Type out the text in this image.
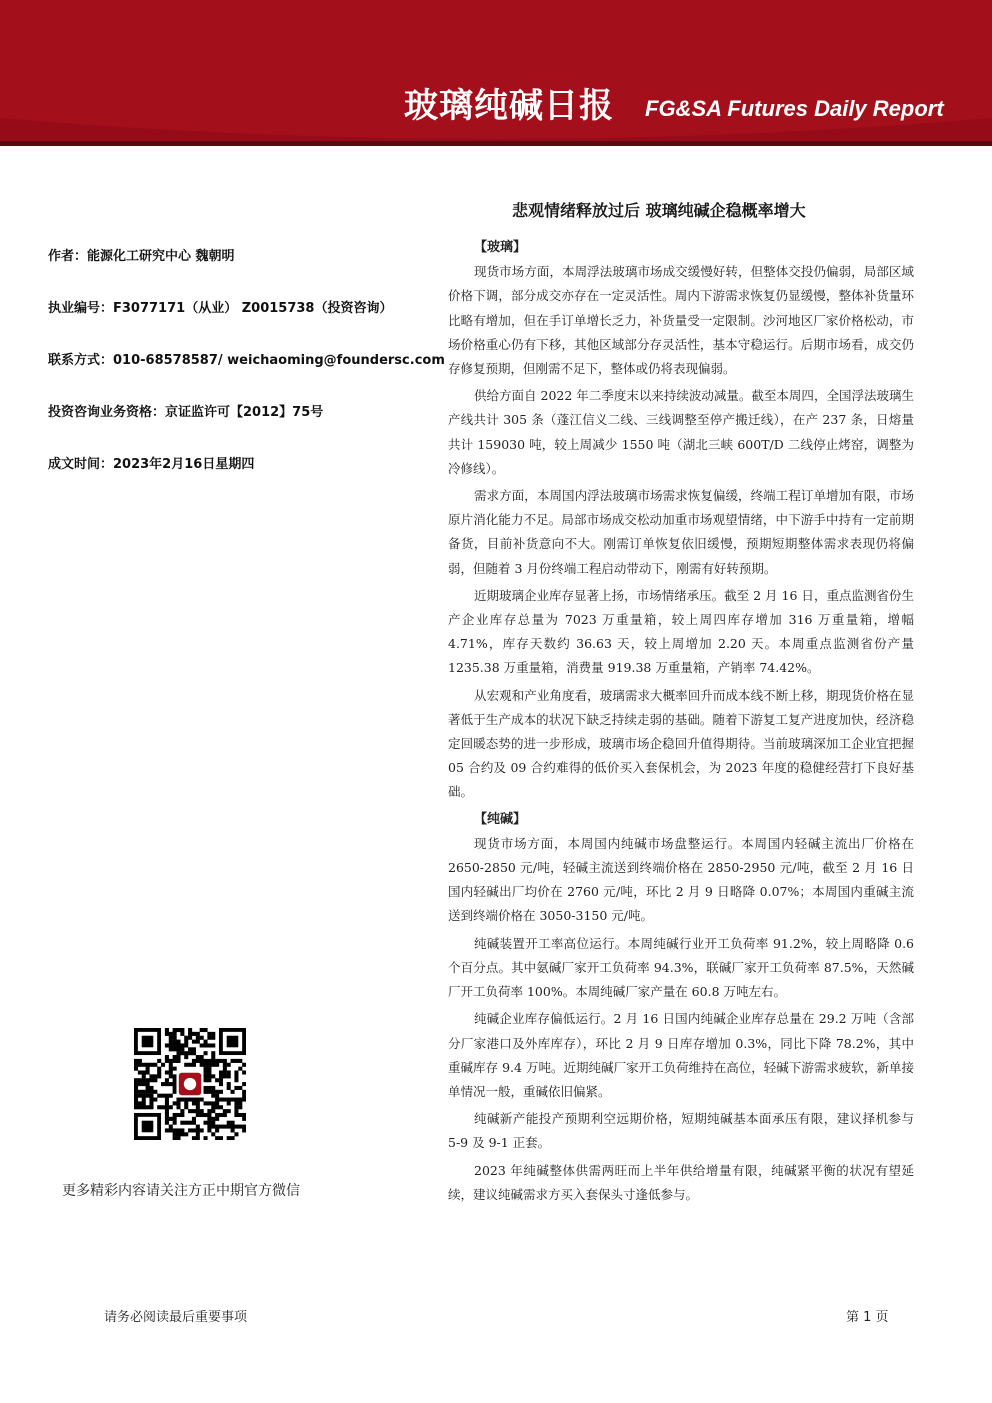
玻璃纯碱日报 FG&SA Futures Daily Report
悲观情绪释放过后 玻璃纯碱企稳概率增大
作者：能源化工研究中心 魏朝明
执业编号：F3077171（从业） Z0015738（投资咨询）
联系方式：010-68578587/ weichaoming@foundersc.com
投资咨询业务资格：京证监许可【2012】75号
成文时间：2023年2月16日星期四
更多精彩内容请关注方正中期官方微信
【玻璃】

现货市场方面，本周浮法玻璃市场成交缓慢好转，但整体交投仍偏弱，局部区域价格下调，部分成交亦存在一定灵活性。周内下游需求恢复仍显缓慢，整体补货量环比略有增加，但在手订单增长乏力，补货量受一定限制。沙河地区厂家价格松动，市场价格重心仍有下移，其他区域部分存灵活性，基本守稳运行。后期市场看，成交仍存修复预期，但刚需不足下，整体或仍将表现偏弱。

供给方面自 2022 年二季度末以来持续波动减量。截至本周四，全国浮法玻璃生产线共计 305 条（蓬江信义二线、三线调整至停产搬迁线），在产 237 条，日熔量共计 159030 吨，较上周减少 1550 吨（湖北三峡 600T/D 二线停止烤窑，调整为冷修线）。

需求方面，本周国内浮法玻璃市场需求恢复偏缓，终端工程订单增加有限，市场原片消化能力不足。局部市场成交松动加重市场观望情绪，中下游手中持有一定前期备货，目前补货意向不大。刚需订单恢复依旧缓慢，预期短期整体需求表现仍将偏弱，但随着 3 月份终端工程启动带动下，刚需有好转预期。

近期玻璃企业库存显著上扬，市场情绪承压。截至 2 月 16 日，重点监测省份生产企业库存总量为 7023 万重量箱，较上周四库存增加 316 万重量箱，增幅 4.71%，库存天数约 36.63 天，较上周增加 2.20 天。本周重点监测省份产量 1235.38 万重量箱，消费量 919.38 万重量箱，产销率 74.42%。

从宏观和产业角度看，玻璃需求大概率回升而成本线不断上移，期现货价格在显著低于生产成本的状况下缺乏持续走弱的基础。随着下游复工复产进度加快，经济稳定回暖态势的进一步形成，玻璃市场企稳回升值得期待。当前玻璃深加工企业宜把握 05 合约及 09 合约难得的低价买入套保机会，为 2023 年度的稳健经营打下良好基础。

【纯碱】

现货市场方面，本周国内纯碱市场盘整运行。本周国内轻碱主流出厂价格在 2650-2850 元/吨，轻碱主流送到终端价格在 2850-2950 元/吨，截至 2 月 16 日国内轻碱出厂均价在 2760 元/吨，环比 2 月 9 日略降 0.07%；本周国内重碱主流送到终端价格在 3050-3150 元/吨。

纯碱装置开工率高位运行。本周纯碱行业开工负荷率 91.2%，较上周略降 0.6 个百分点。其中氨碱厂家开工负荷率 94.3%，联碱厂家开工负荷率 87.5%，天然碱厂开工负荷率 100%。本周纯碱厂家产量在 60.8 万吨左右。

纯碱企业库存偏低运行。2 月 16 日国内纯碱企业库存总量在 29.2 万吨（含部分厂家港口及外库库存），环比 2 月 9 日库存增加 0.3%，同比下降 78.2%，其中重碱库存 9.4 万吨。近期纯碱厂家开工负荷维持在高位，轻碱下游需求疲软，新单接单情况一般，重碱依旧偏紧。

纯碱新产能投产预期利空远期价格，短期纯碱基本面承压有限，建议择机参与 5-9 及 9-1 正套。

2023 年纯碱整体供需两旺而上半年供给增量有限，纯碱紧平衡的状况有望延续，建议纯碱需求方买入套保头寸逢低参与。

请务必阅读最后重要事项	第 1 页
